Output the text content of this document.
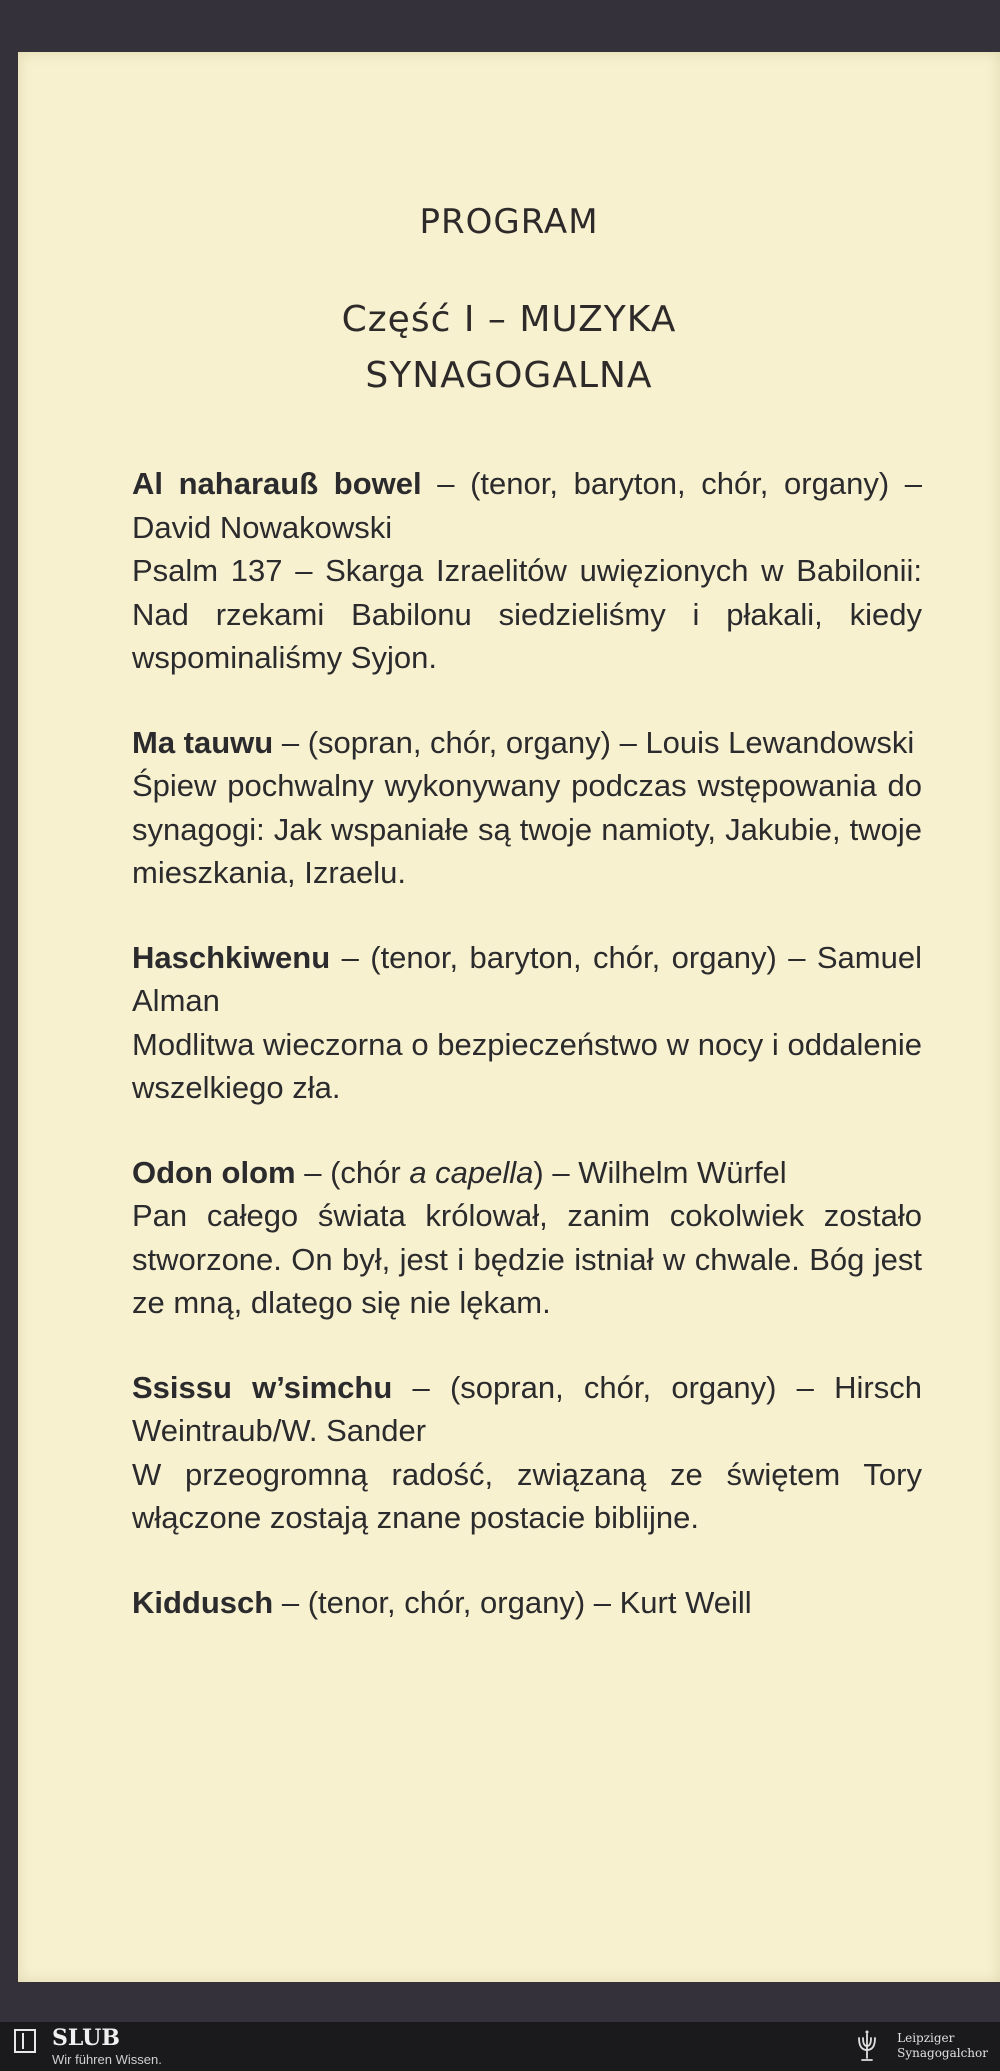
PROGRAM
Część I – MUZYKA
SYNAGOGALNA

Al naharauß bowel – (tenor, baryton, chór, organy) – David Nowakowski

Psalm 137 – Skarga Izraelitów uwięzionych w Babilonii: Nad rzekami Babilonu siedzieliśmy i płakali, kiedy wspominaliśmy Syjon.

Ma tauwu – (sopran, chór, organy) – Louis Lewandowski

Śpiew pochwalny wykonywany podczas wstępowania do synagogi: Jak wspaniałe są twoje namioty, Jakubie, twoje mieszkania, Izraelu.

Haschkiwenu – (tenor, baryton, chór, organy) – Samuel Alman

Modlitwa wieczorna o bezpieczeństwo w nocy i oddalenie wszelkiego zła.

Odon olom – (chór a capella) – Wilhelm Würfel

Pan całego świata królował, zanim cokolwiek zostało stworzone. On był, jest i będzie istniał w chwale. Bóg jest ze mną, dlatego się nie lękam.

Ssissu w’simchu – (sopran, chór, organy) – Hirsch Weintraub/W. Sander

W przeogromną radość, związaną ze świętem Tory włączone zostają znane postacie biblijne.

Kiddusch – (tenor, chór, organy) – Kurt Weill

SLUB
Wir führen Wissen.
Leipziger
Synagogalchor
